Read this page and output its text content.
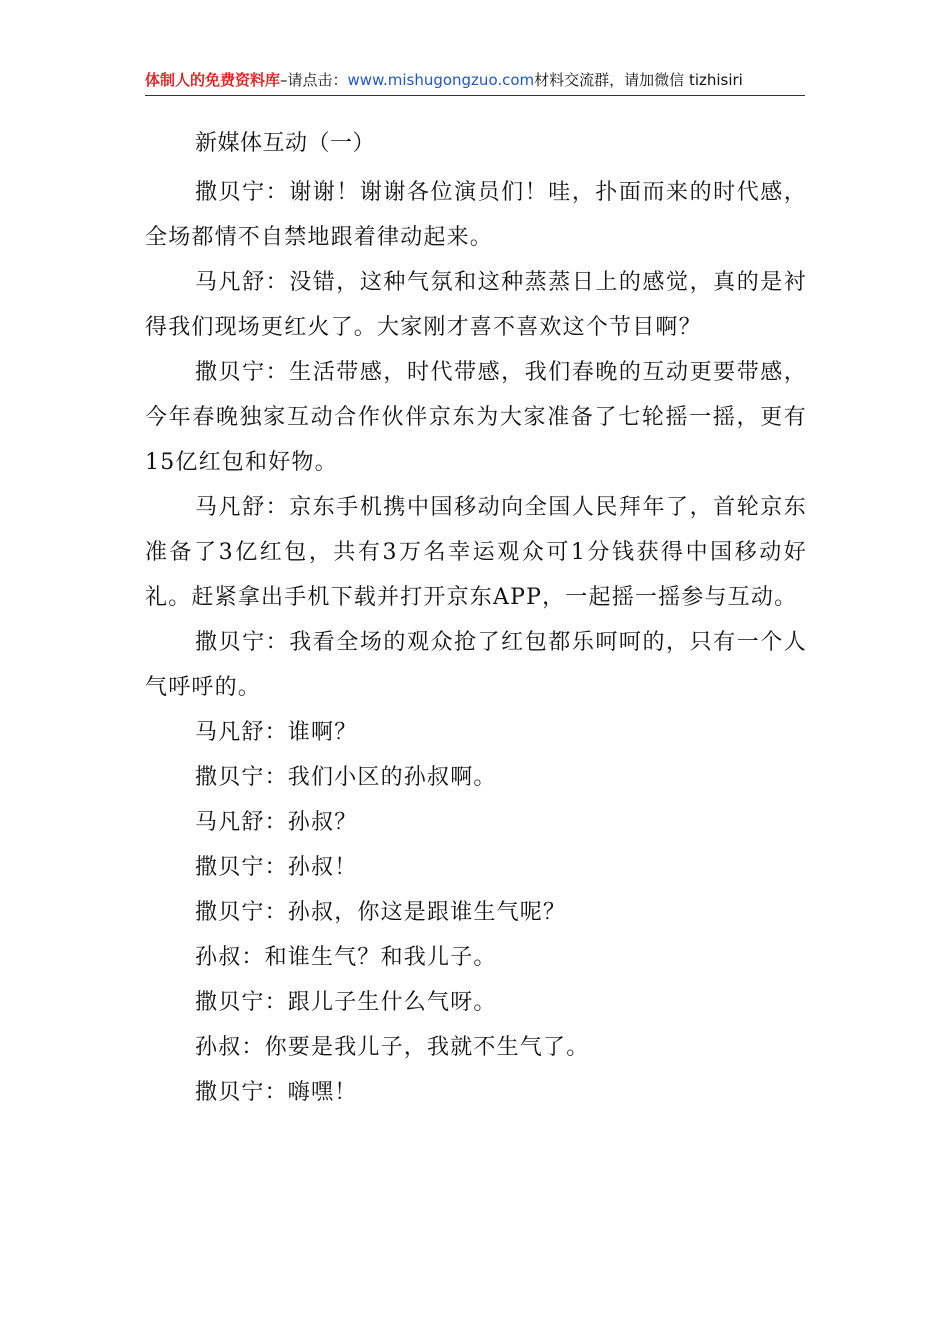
体制人的免费资料库–请点击：www.mishugongzuo.com材料交流群，请加微信 tizhisiri
新媒体互动（一）

撒贝宁：谢谢！谢谢各位演员们！哇，扑面而来的时代感，全场都情不自禁地跟着律动起来。

马凡舒：没错，这种气氛和这种蒸蒸日上的感觉，真的是衬得我们现场更红火了。大家刚才喜不喜欢这个节目啊？

撒贝宁：生活带感，时代带感，我们春晚的互动更要带感，今年春晚独家互动合作伙伴京东为大家准备了七轮摇一摇，更有15亿红包和好物。

马凡舒：京东手机携中国移动向全国人民拜年了，首轮京东准备了3亿红包，共有3万名幸运观众可1分钱获得中国移动好礼。赶紧拿出手机下载并打开京东APP，一起摇一摇参与互动。

撒贝宁：我看全场的观众抢了红包都乐呵呵的，只有一个人气呼呼的。

马凡舒：谁啊？

撒贝宁：我们小区的孙叔啊。

马凡舒：孙叔？

撒贝宁：孙叔！

撒贝宁：孙叔，你这是跟谁生气呢？

孙叔：和谁生气？和我儿子。

撒贝宁：跟儿子生什么气呀。

孙叔：你要是我儿子，我就不生气了。

撒贝宁：嗨嘿！
